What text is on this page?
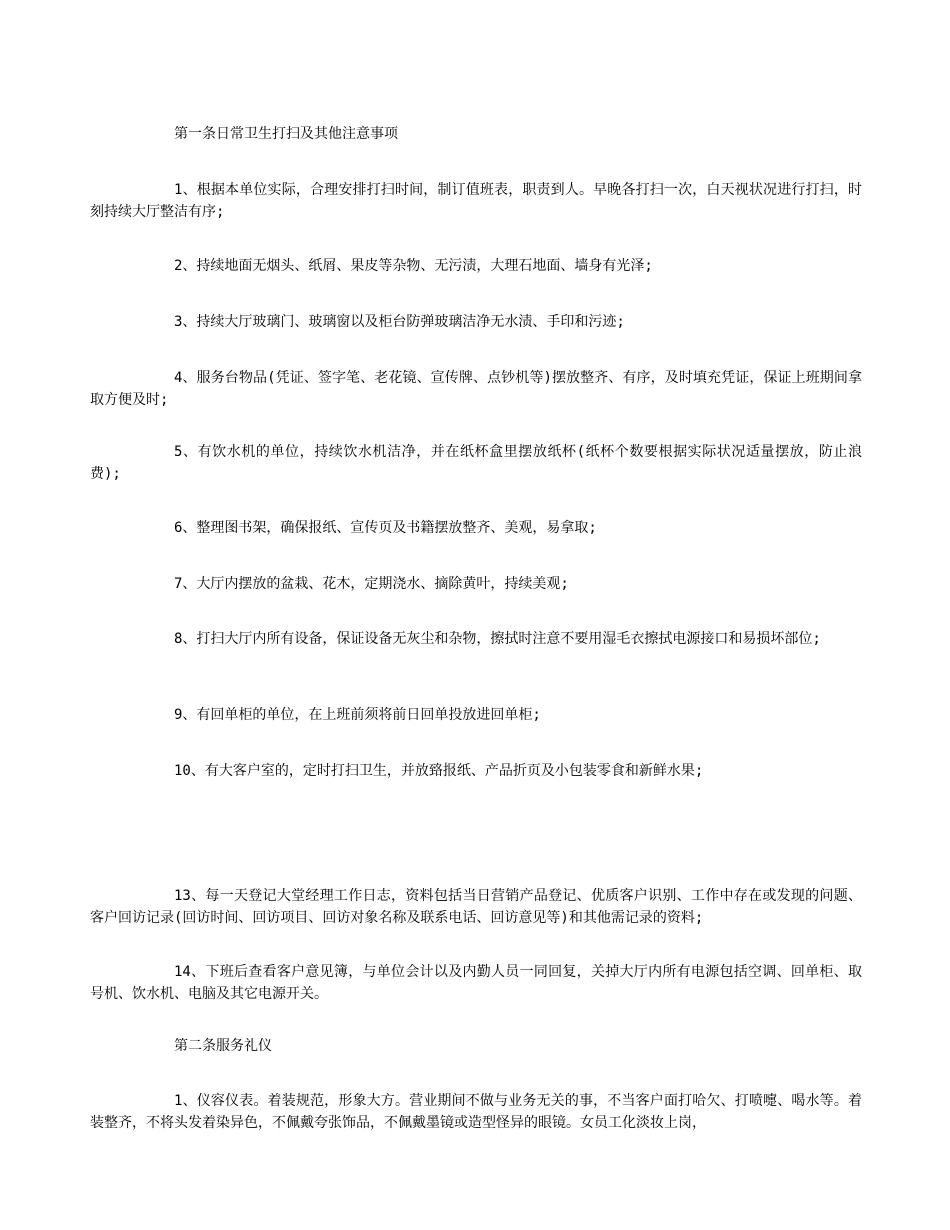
第一条日常卫生打扫及其他注意事项

1、根据本单位实际，合理安排打扫时间，制订值班表，职责到人。早晚各打扫一次，白天视状况进行打扫，时刻持续大厅整洁有序;

2、持续地面无烟头、纸屑、果皮等杂物、无污渍，大理石地面、墙身有光泽;

3、持续大厅玻璃门、玻璃窗以及柜台防弹玻璃洁净无水渍、手印和污迹;

4、服务台物品(凭证、签字笔、老花镜、宣传牌、点钞机等)摆放整齐、有序，及时填充凭证，保证上班期间拿取方便及时;

5、有饮水机的单位，持续饮水机洁净，并在纸杯盒里摆放纸杯(纸杯个数要根据实际状况适量摆放，防止浪费);

6、整理图书架，确保报纸、宣传页及书籍摆放整齐、美观，易拿取;

7、大厅内摆放的盆栽、花木，定期浇水、摘除黄叶，持续美观;

8、打扫大厅内所有设备，保证设备无灰尘和杂物，擦拭时注意不要用湿毛衣擦拭电源接口和易损坏部位;

9、有回单柜的单位，在上班前须将前日回单投放进回单柜;

10、有大客户室的，定时打扫卫生，并放臵报纸、产品折页及小包装零食和新鲜水果;

13、每一天登记大堂经理工作日志，资料包括当日营销产品登记、优质客户识别、工作中存在或发现的问题、客户回访记录(回访时间、回访项目、回访对象名称及联系电话、回访意见等)和其他需记录的资料;

14、下班后查看客户意见簿，与单位会计以及内勤人员一同回复，关掉大厅内所有电源包括空调、回单柜、取号机、饮水机、电脑及其它电源开关。

第二条服务礼仪

1、仪容仪表。着装规范，形象大方。营业期间不做与业务无关的事，不当客户面打哈欠、打喷嚏、喝水等。着装整齐，不将头发着染异色，不佩戴夸张饰品，不佩戴墨镜或造型怪异的眼镜。女员工化淡妆上岗，
